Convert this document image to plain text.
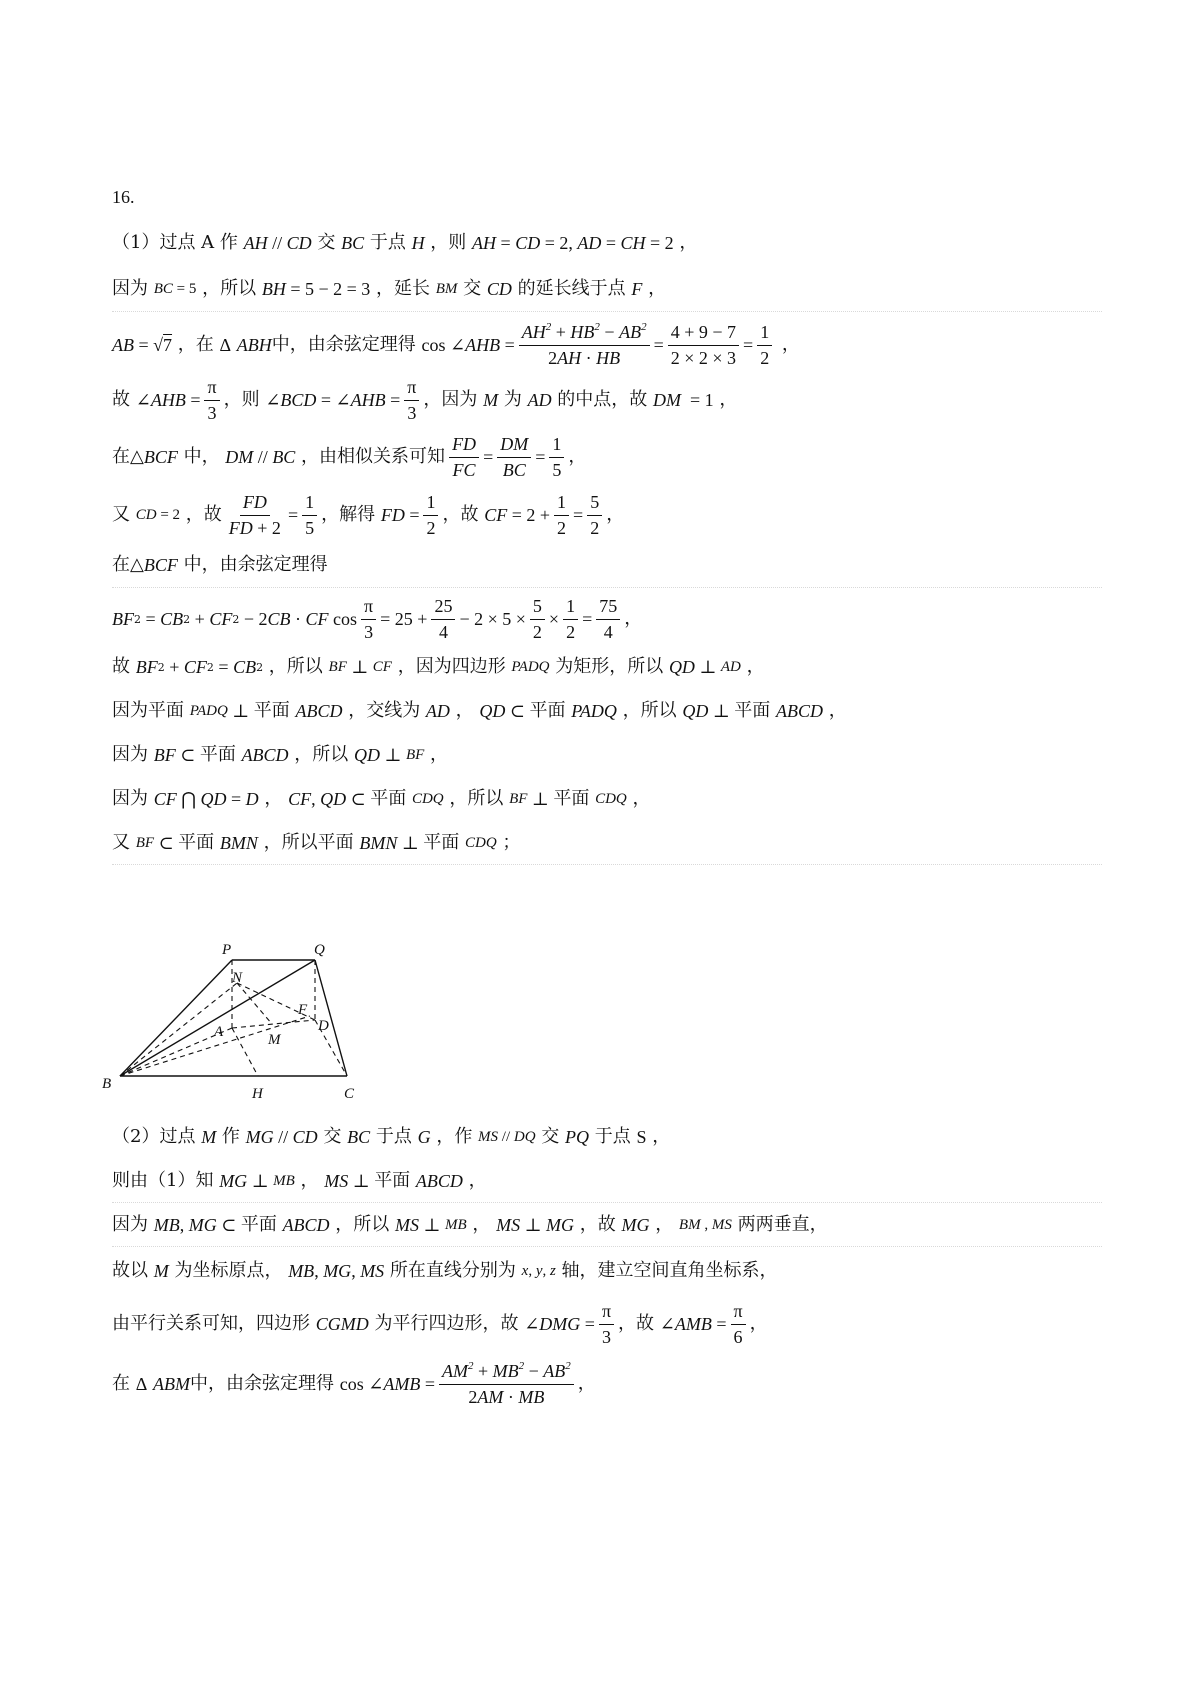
16.
（1）过点 A 作 AH // CD 交 BC 于点 H ，则 AH = CD = 2, AD = CH = 2 ，
因为 BC = 5 ，所以 BH = 5 − 2 = 3 ，延长 BM 交 CD 的延长线于点 F ，
AB = √7 ，在 Δ
ABH 中，由余弦定理得 cos ∠ AHB = $\frac{AH^2 + HB^2 - AB^2}{2AH \cdot HB} = \frac{4 + 9 - 7}{2 \times 2 \times 3} = \frac{1}{2}$ ，
故 ∠ AHB = $\frac{\pi}{3}$ ，则 ∠ BCD = ∠ AHB = $\frac{\pi}{3}$ ，因为 M 为 AD 的中点，故 DM = 1 ，
在△ BCF 中， DM // BC ，由相似关系可知 $\frac{FD}{FC} = \frac{DM}{BC} = \frac{1}{5}$ ，
又 CD = 2 ，故 $\frac{FD}{FD + 2} = \frac{1}{5}$ ，解得 FD = $\frac{1}{2}$ ，故 CF = $2 + \frac{1}{2} = \frac{5}{2}$ ，
在△ BCF 中，由余弦定理得
BF 2 = CB 2 + CF 2 − 2 CB · CF $\cos \frac{\pi}{3} = 25 + \frac{25}{4} - 2 \times 5 \times \frac{5}{2} \times \frac{1}{2} = \frac{75}{4}$ ，
故 BF 2 + CF 2 = CB 2 ，所以 BF ⊥ CF ，因为四边形 PADQ 为矩形，所以 QD ⊥ AD ，
因为平面 PADQ ⊥ 平面 ABCD ，交线为 AD ， QD ⊂ 平面 PADQ ，所以 QD ⊥ 平面 ABCD ，
因为 BF ⊂ 平面 ABCD ，所以 QD ⊥ BF ，
因为 CF ⋂ QD = D ， CF , QD ⊂ 平面 CDQ ，所以 BF ⊥ 平面 CDQ ，
又 BF ⊂ 平面 BMN ，所以平面 BMN ⊥ 平面 CDQ ；
P	Q
N
A	M
F
D
B
H	C
（2）过点 M 作 MG // CD 交 BC 于点 G ，作 MS // DQ 交 PQ 于点 S ，
则由（1）知 MG ⊥ MB ， MS ⊥ 平面 ABCD ，
因为 MB , MG ⊂ 平面 ABCD ，所以 MS ⊥ MB ， MS ⊥ MG ，故 MG ， BM , MS 两两垂直，
故以 M 为坐标原点， MB , MG , MS 所在直线分别为 x , y , z 轴，建立空间直角坐标系，
由平行关系可知，四边形 CGMD 为平行四边形，故 ∠ DMG = $\frac{\pi}{3}$ ，故 ∠ AMB = $\frac{\pi}{6}$ ，
在 Δ
ABM 中，由余弦定理得 cos ∠ AMB = $\frac{AM^2 + MB^2 - AB^2}{2AM \cdot MB}$ ，
